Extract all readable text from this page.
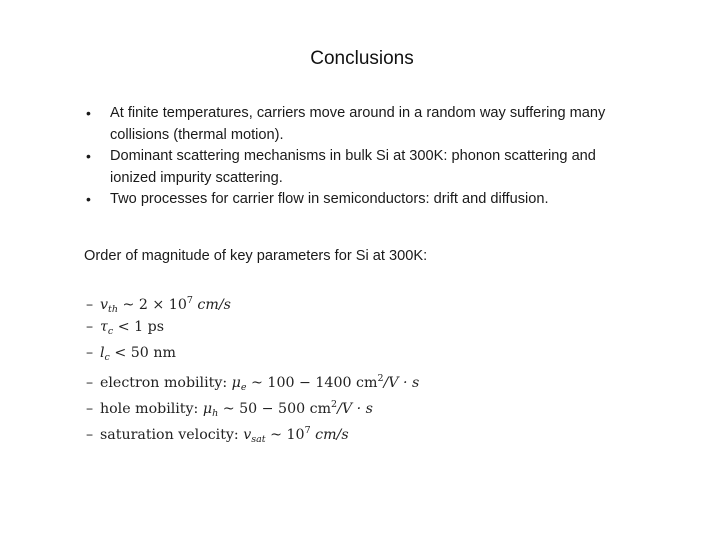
Conclusions
• At finite temperatures, carriers move around in a random way suffering many collisions (thermal motion).
• Dominant scattering mechanisms in bulk Si at 300K: phonon scattering and ionized impurity scattering.
• Two processes for carrier flow in semiconductors: drift and diffusion.
Order of magnitude of key parameters for Si at 300K:
– $v_{th}$ ~ $2 \times 10^7$ cm/s
– $\tau_c < 1$ ps
– $l_c < 50$ nm
– electron mobility: $\mu_e$ ~ 100 − 1400 $cm^2/V \cdot s$
– hole mobility: $\mu_h$ ~ 50 − 500 $cm^2/V \cdot s$
– saturation velocity: $v_{sat}$ ~ $10^7$ cm/s
